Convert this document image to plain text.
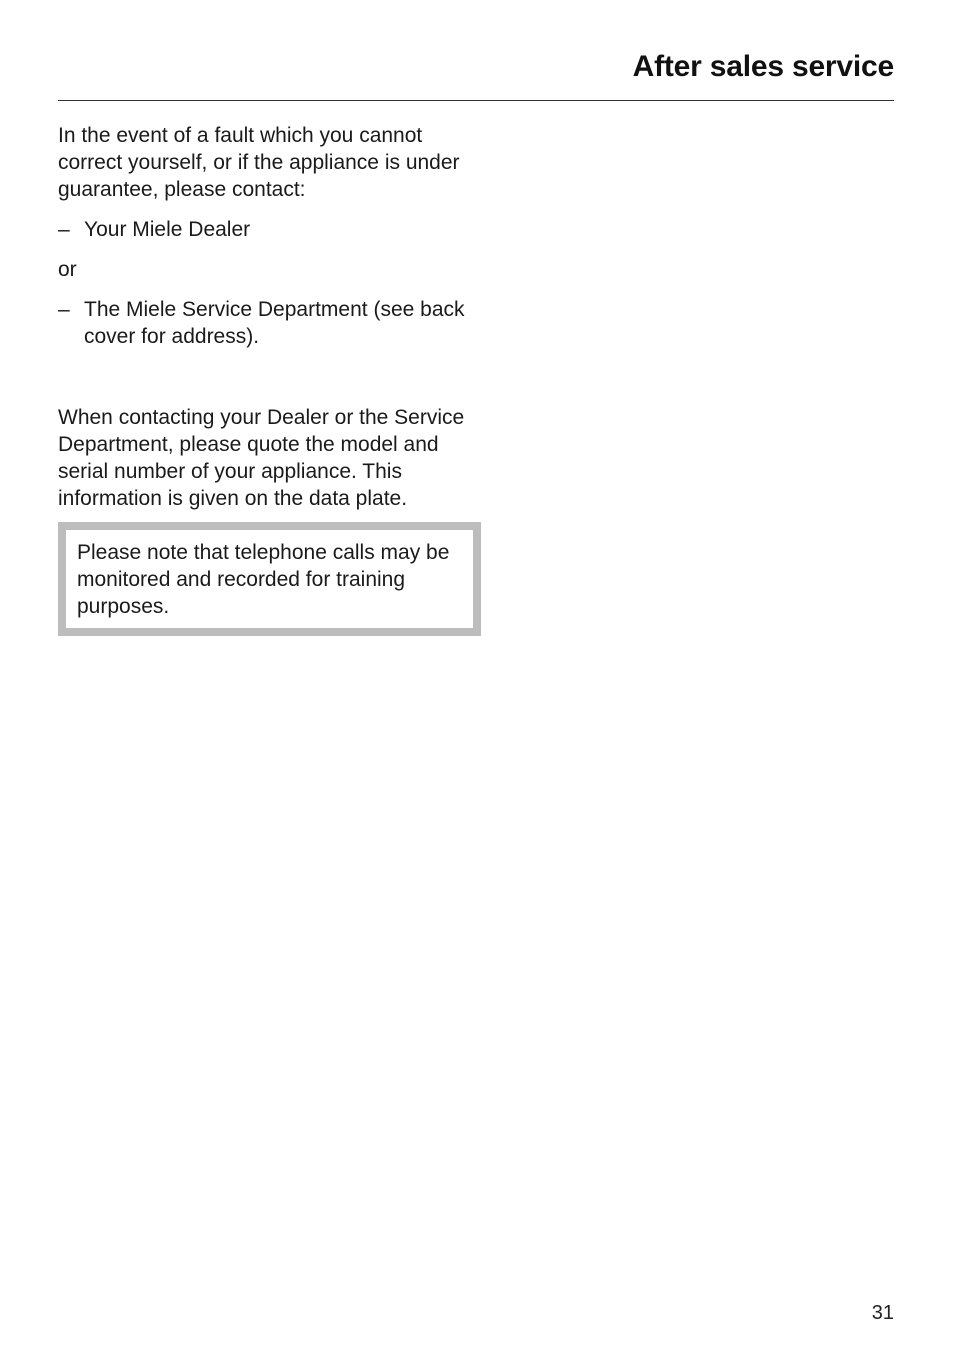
After sales service

In the event of a fault which you cannot correct yourself, or if the appliance is under guarantee, please contact:

– Your Miele Dealer

or

– The Miele Service Department (see back cover for address).

When contacting your Dealer or the Service Department, please quote the model and serial number of your appliance. This information is given on the data plate.

Please note that telephone calls may be monitored and recorded for training purposes.

31
